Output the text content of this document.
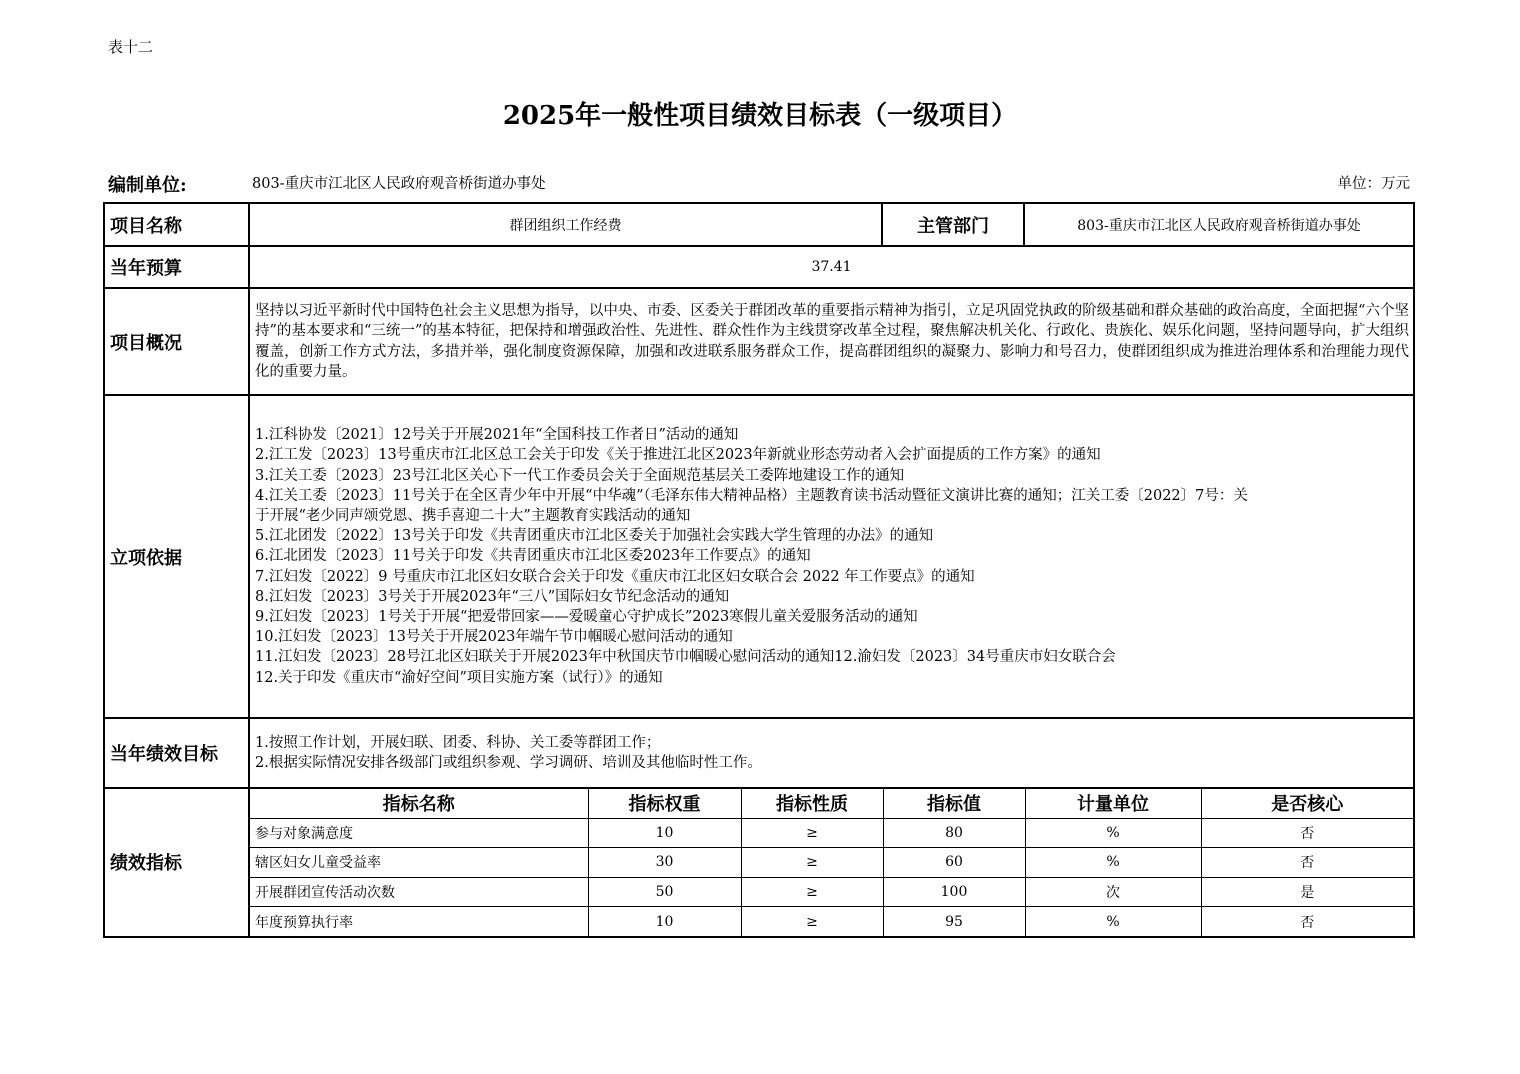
表十二
2025年一般性项目绩效目标表（一级项目）
编制单位:	803-重庆市江北区人民政府观音桥街道办事处	单位：万元
项目名称	群团组织工作经费	主管部门	803-重庆市江北区人民政府观音桥街道办事处
当年预算	37.41
项目概况	坚持以习近平新时代中国特色社会主义思想为指导，以中央、市委、区委关于群团改革的重要指示精神为指引，立足巩固党执政的阶级基础和群众基础的政治高度，全面把握“六个坚持”的基本要求和“三统一”的基本特征，把保持和增强政治性、先进性、群众性作为主线贯穿改革全过程，聚焦解决机关化、行政化、贵族化、娱乐化问题，坚持问题导向，扩大组织覆盖，创新工作方式方法，多措并举，强化制度资源保障，加强和改进联系服务群众工作，提高群团组织的凝聚力、影响力和号召力，使群团组织成为推进治理体系和治理能力现代化的重要力量。
立项依据	
1.江科协发〔2021〕12号关于开展2021年“全国科技工作者日”活动的通知
2.江工发〔2023〕13号重庆市江北区总工会关于印发《关于推进江北区2023年新就业形态劳动者入会扩面提质的工作方案》的通知
3.江关工委〔2023〕23号江北区关心下一代工作委员会关于全面规范基层关工委阵地建设工作的通知
4.江关工委〔2023〕11号关于在全区青少年中开展“中华魂”（毛泽东伟大精神品格）主题教育读书活动暨征文演讲比赛的通知；江关工委〔2022〕7号：关
于开展“老少同声颂党恩、携手喜迎二十大”主题教育实践活动的通知
5.江北团发〔2022〕13号关于印发《共青团重庆市江北区委关于加强社会实践大学生管理的办法》的通知
6.江北团发〔2023〕11号关于印发《共青团重庆市江北区委2023年工作要点》的通知
7.江妇发〔2022〕9 号重庆市江北区妇女联合会关于印发《重庆市江北区妇女联合会 2022 年工作要点》的通知
8.江妇发〔2023〕3号关于开展2023年“三八”国际妇女节纪念活动的通知
9.江妇发〔2023〕1号关于开展“把爱带回家——爱暖童心守护成长”2023寒假儿童关爱服务活动的通知
10.江妇发〔2023〕13号关于开展2023年端午节巾帼暖心慰问活动的通知
11.江妇发〔2023〕28号江北区妇联关于开展2023年中秋国庆节巾帼暖心慰问活动的通知12.渝妇发〔2023〕34号重庆市妇女联合会
12.关于印发《重庆市“渝好空间”项目实施方案（试行）》的通知

当年绩效目标	
1.按照工作计划，开展妇联、团委、科协、关工委等群团工作；
2.根据实际情况安排各级部门或组织参观、学习调研、培训及其他临时性工作。

绩效指标	
指标名称	指标权重	指标性质	指标值	计量单位	是否核心
参与对象满意度	10	≥	80	%	否
辖区妇女儿童受益率	30	≥	60	%	否
开展群团宣传活动次数	50	≥	100	次	是
年度预算执行率	10	≥	95	%	否
